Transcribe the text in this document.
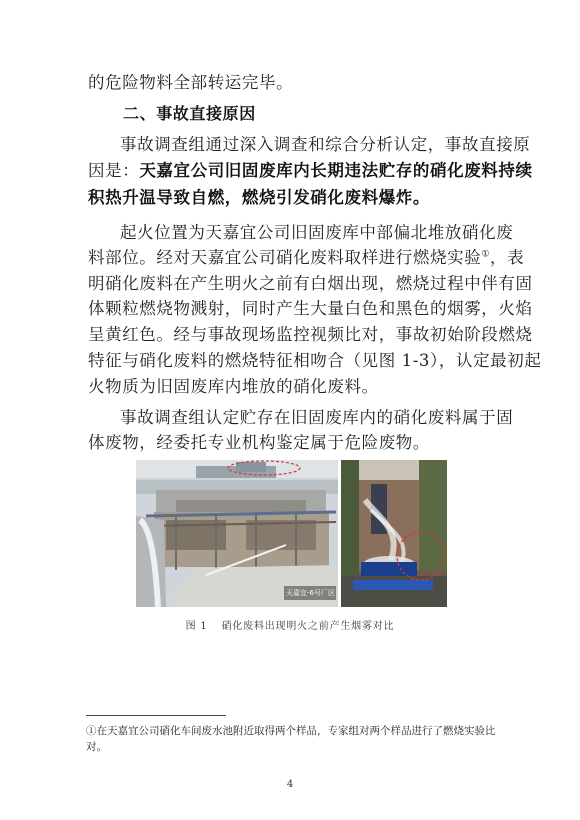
的危险物料全部转运完毕。
二、事故直接原因
事故调查组通过深入调查和综合分析认定，事故直接原
因是：天嘉宜公司旧固废库内长期违法贮存的硝化废料持续
积热升温导致自燃，燃烧引发硝化废料爆炸。
起火位置为天嘉宜公司旧固废库中部偏北堆放硝化废
料部位。经对天嘉宜公司硝化废料取样进行燃烧实验①，表
明硝化废料在产生明火之前有白烟出现，燃烧过程中伴有固
体颗粒燃烧物溅射，同时产生大量白色和黑色的烟雾，火焰
呈黄红色。经与事故现场监控视频比对，事故初始阶段燃烧
特征与硝化废料的燃烧特征相吻合（见图 1-3），认定最初起
火物质为旧固废库内堆放的硝化废料。
事故调查组认定贮存在旧固废库内的硝化废料属于固
体废物，经委托专业机构鉴定属于危险废物。
天嘉宜-6号厂区
图 1 硝化废料出现明火之前产生烟雾对比
①在天嘉宜公司硝化车间废水池附近取得两个样品，专家组对两个样品进行了燃烧实验比
对。
4
